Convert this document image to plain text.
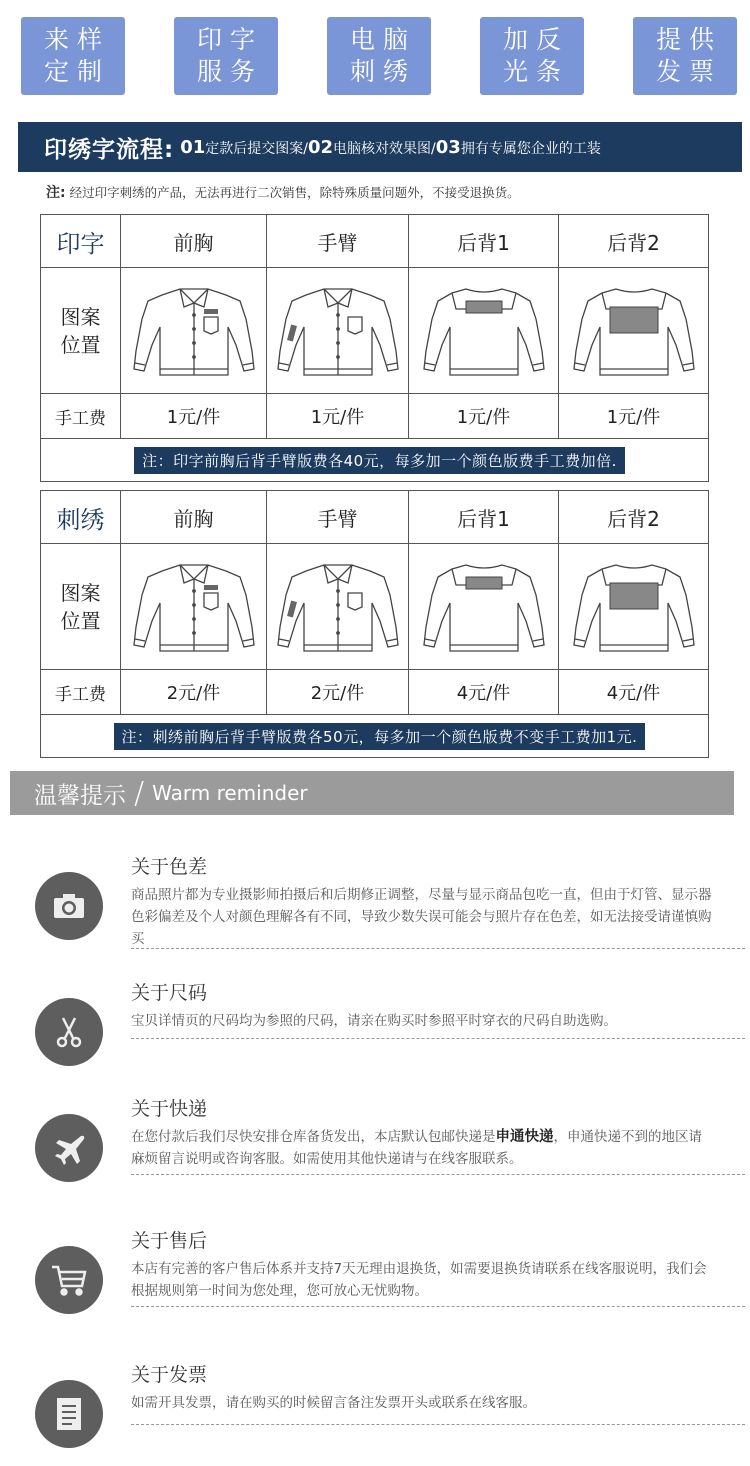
来样
定制
印字
服务
电脑
刺绣
加反
光条
提供
发票
印绣字流程: 01定款后提交图案/02电脑核对效果图/03拥有专属您企业的工装
注: 经过印字刺绣的产品，无法再进行二次销售，除特殊质量问题外，不接受退换货。
印字	前胸	手臂	后背1	后背2
图案
位置	

手工费	1元/件	1元/件	1元/件	1元/件
注：印字前胸后背手臂版费各40元，每多加一个颜色版费手工费加倍.				
刺绣	前胸	手臂	后背1	后背2
图案
位置	

手工费	2元/件	2元/件	4元/件	4元/件
注：刺绣前胸后背手臂版费各50元，每多加一个颜色版费不变手工费加1元.				
温馨提示 / Warm reminder
关于色差
商品照片都为专业摄影师拍摄后和后期修正调整，尽量与显示商品包吃一直，但由于灯管、显示器色彩偏差及个人对颜色理解各有不同，导致少数失误可能会与照片存在色差，如无法接受请谨慎购买
关于尺码
宝贝详情页的尺码均为参照的尺码，请亲在购买时参照平时穿衣的尺码自助选购。
关于快递
在您付款后我们尽快安排仓库备货发出，本店默认包邮快递是申通快递，申通快递不到的地区请麻烦留言说明或咨询客服。如需使用其他快递请与在线客服联系。
关于售后
本店有完善的客户售后体系并支持7天无理由退换货，如需要退换货请联系在线客服说明，我们会根据规则第一时间为您处理，您可放心无忧购物。
关于发票
如需开具发票，请在购买的时候留言备注发票开头或联系在线客服。
